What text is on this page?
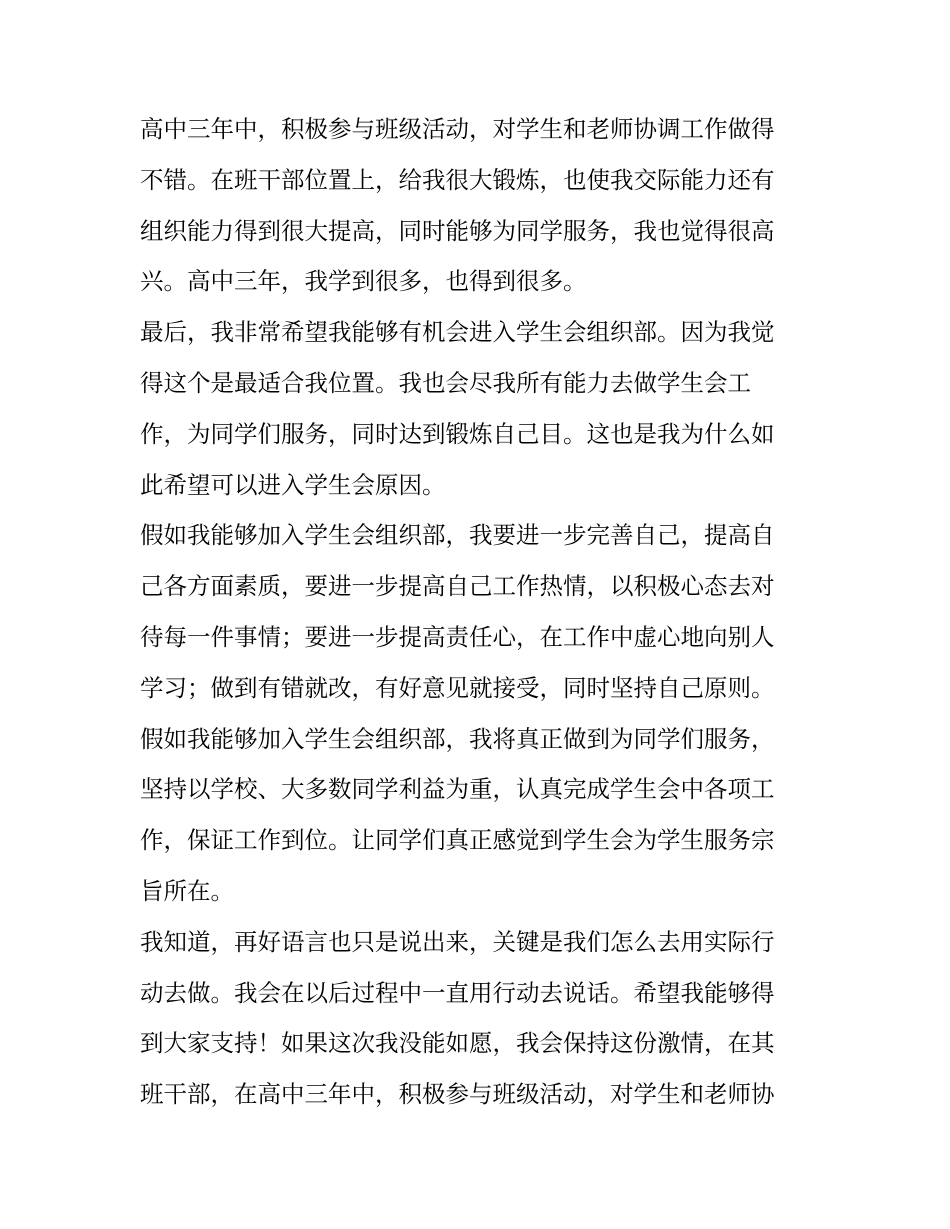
高中三年中，积极参与班级活动，对学生和老师协调工作做得
不错。在班干部位置上，给我很大锻炼，也使我交际能力还有
组织能力得到很大提高，同时能够为同学服务，我也觉得很高
兴。高中三年，我学到很多，也得到很多。
最后，我非常希望我能够有机会进入学生会组织部。因为我觉
得这个是最适合我位置。我也会尽我所有能力去做学生会工
作，为同学们服务，同时达到锻炼自己目。这也是我为什么如
此希望可以进入学生会原因。
假如我能够加入学生会组织部，我要进一步完善自己，提高自
己各方面素质，要进一步提高自己工作热情，以积极心态去对
待每一件事情；要进一步提高责任心，在工作中虚心地向别人
学习；做到有错就改，有好意见就接受，同时坚持自己原则。
假如我能够加入学生会组织部，我将真正做到为同学们服务，
坚持以学校、大多数同学利益为重，认真完成学生会中各项工
作，保证工作到位。让同学们真正感觉到学生会为学生服务宗
旨所在。
我知道，再好语言也只是说出来，关键是我们怎么去用实际行
动去做。我会在以后过程中一直用行动去说话。希望我能够得
到大家支持！如果这次我没能如愿，我会保持这份激情，在其
班干部，在高中三年中，积极参与班级活动，对学生和老师协
